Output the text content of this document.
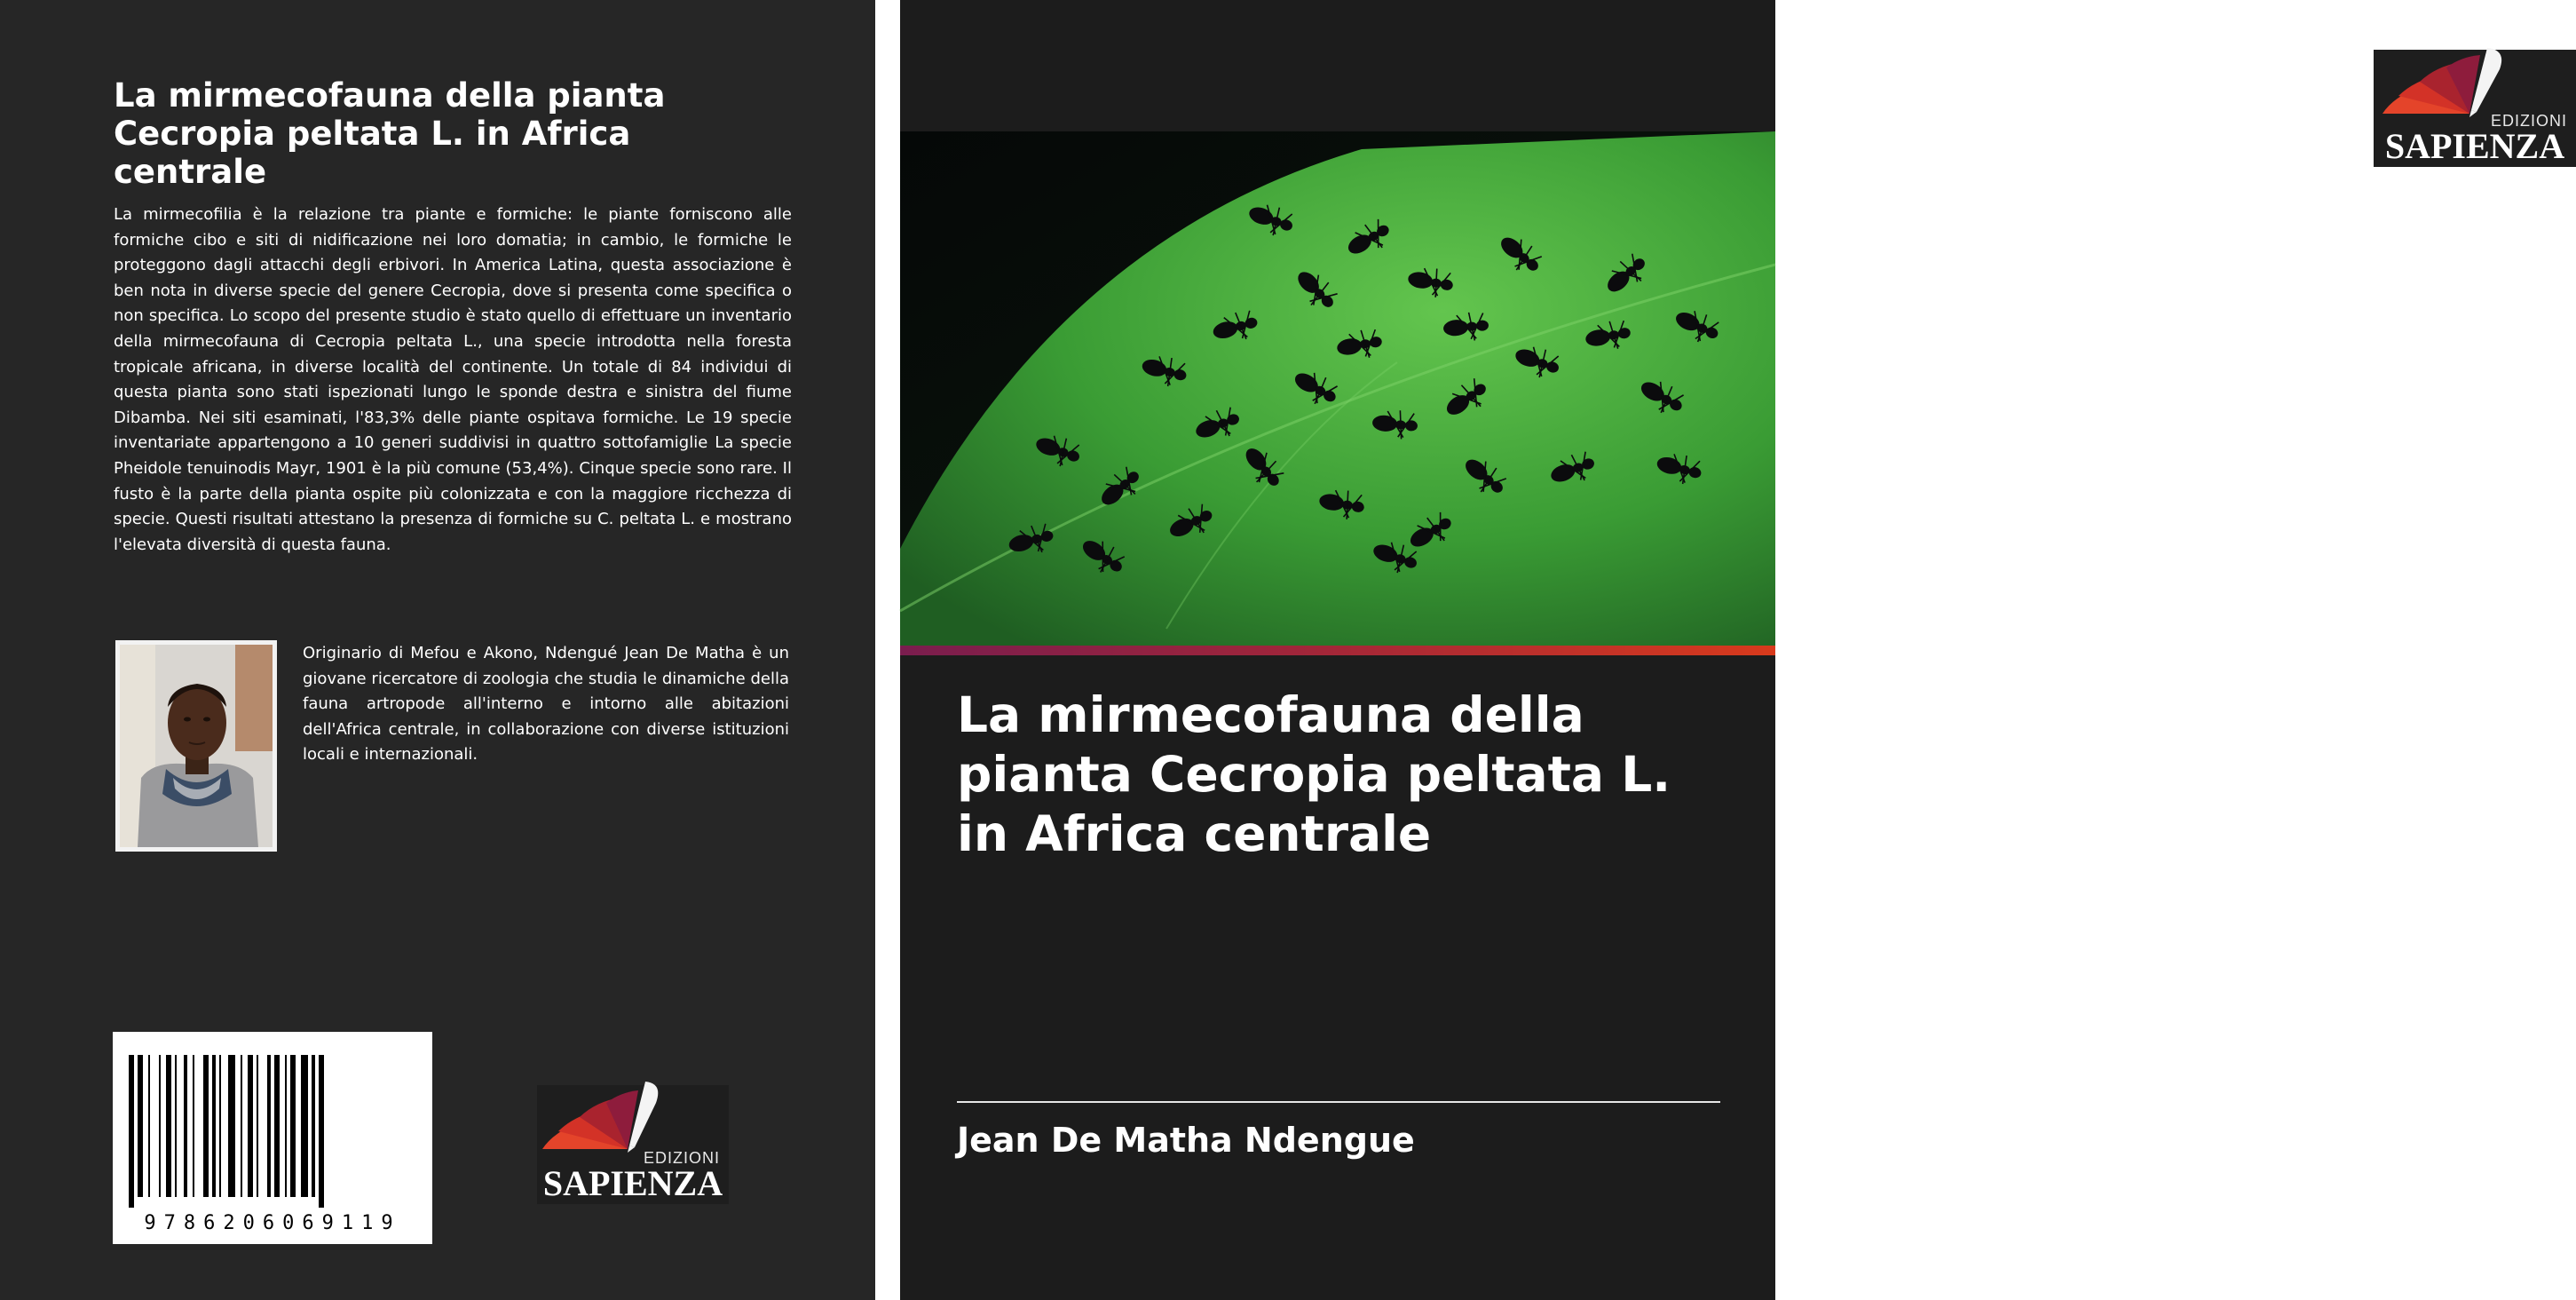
La mirmecofauna della pianta Cecropia peltata L. in Africa centrale

La mirmecofilia è la relazione tra piante e formiche: le piante forniscono alle formiche cibo e siti di nidificazione nei loro domatia; in cambio, le formiche le proteggono dagli attacchi degli erbivori. In America Latina, questa associazione è ben nota in diverse specie del genere Cecropia, dove si presenta come specifica o non specifica. Lo scopo del presente studio è stato quello di effettuare un inventario della mirmecofauna di Cecropia peltata L., una specie introdotta nella foresta tropicale africana, in diverse località del continente. Un totale di 84 individui di questa pianta sono stati ispezionati lungo le sponde destra e sinistra del fiume Dibamba. Nei siti esaminati, l'83,3% delle piante ospitava formiche. Le 19 specie inventariate appartengono a 10 generi suddivisi in quattro sottofamiglie La specie Pheidole tenuinodis Mayr, 1901 è la più comune (53,4%). Cinque specie sono rare. Il fusto è la parte della pianta ospite più colonizzata e con la maggiore ricchezza di specie. Questi risultati attestano la presenza di formiche su C. peltata L. e mostrano l'elevata diversità di questa fauna.

Originario di Mefou e Akono, Ndengué Jean De Matha è un giovane ricercatore di zoologia che studia le dinamiche della fauna artropode all'interno e intorno alle abitazioni dell'Africa centrale, in collaborazione con diverse istituzioni locali e internazionali.

9786206069119
EDIZIONI
SAPIENZA
EDIZIONI
SAPIENZA
La mirmecofauna della pianta Cecropia peltata L. in Africa centrale
Jean De Matha Ndengue
